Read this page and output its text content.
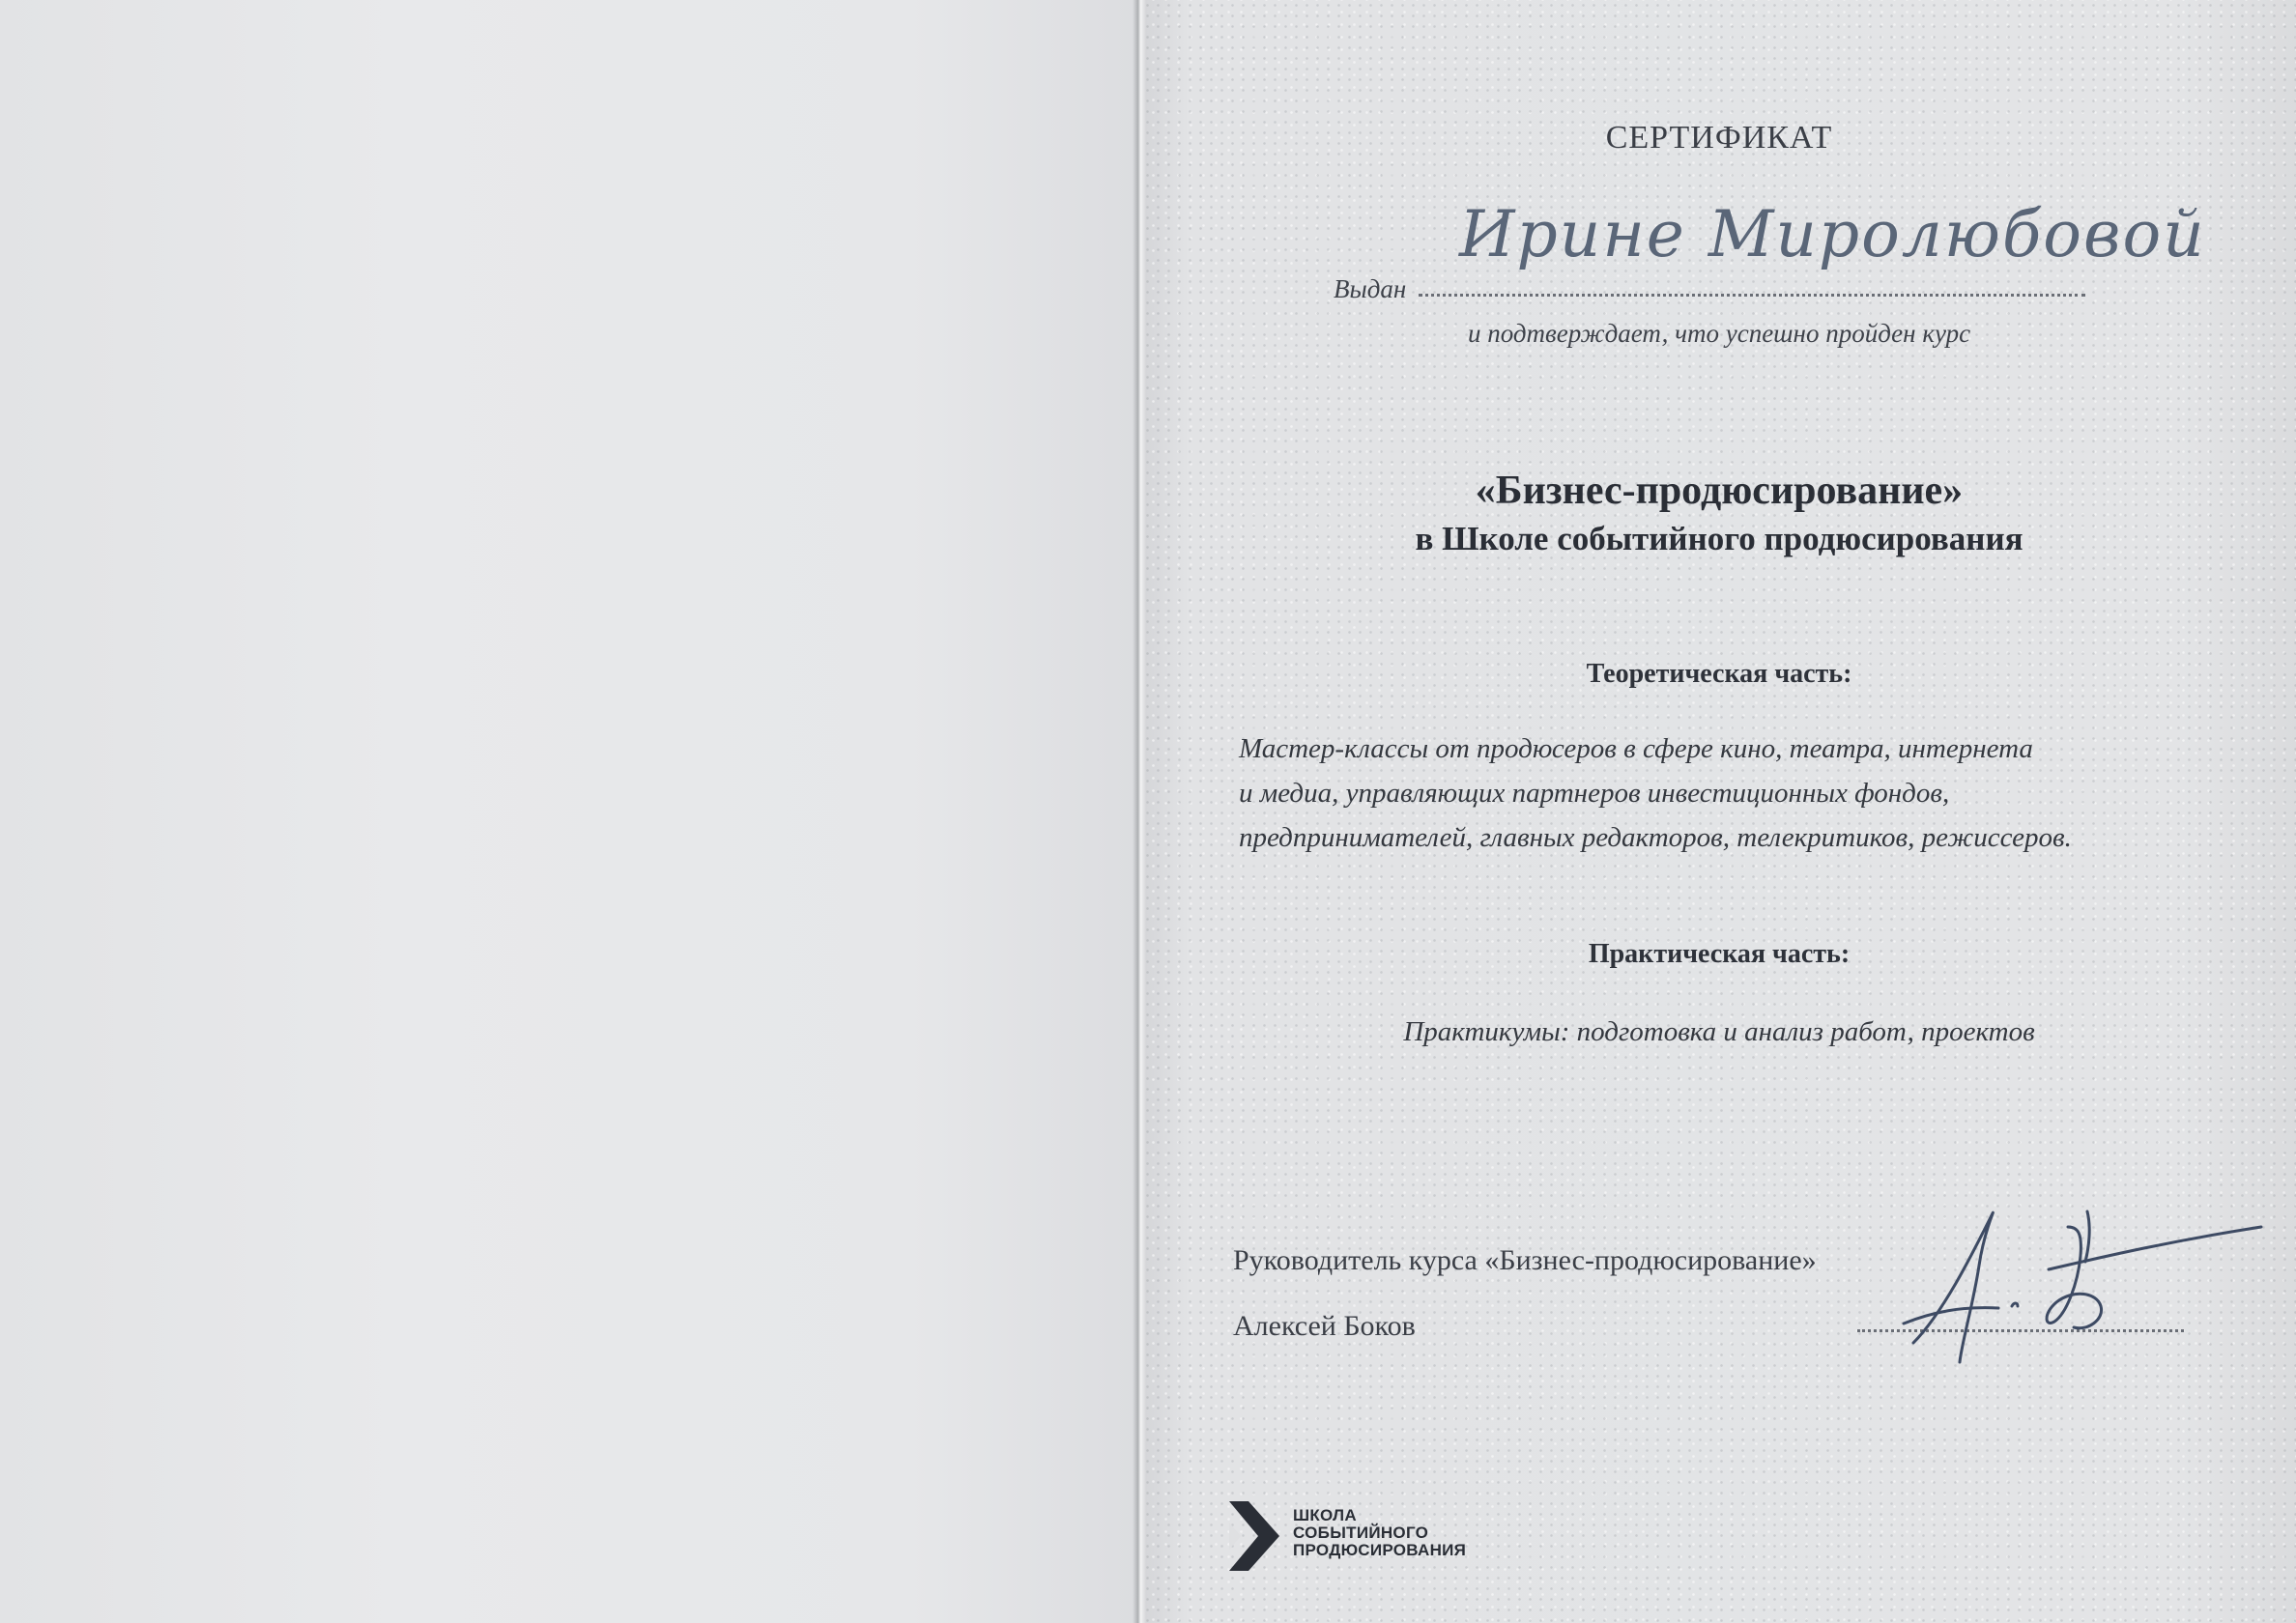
СЕРТИФИКАТ
Выдан
Ирине Миролюбовой
и подтверждает, что успешно пройден курс
«Бизнес-продюсирование»
в Школе событийного продюсирования
Теоретическая часть:
Мастер-классы от продюсеров в сфере кино, театра, интернета
и медиа, управляющих партнеров инвестиционных фондов,
предпринимателей, главных редакторов, телекритиков, режиссеров.
Практическая часть:
Практикумы: подготовка и анализ работ, проектов
Руководитель курса «Бизнес-продюсирование»
Алексей Боков
ШКОЛА
СОБЫТИЙНОГО
ПРОДЮСИРОВАНИЯ
